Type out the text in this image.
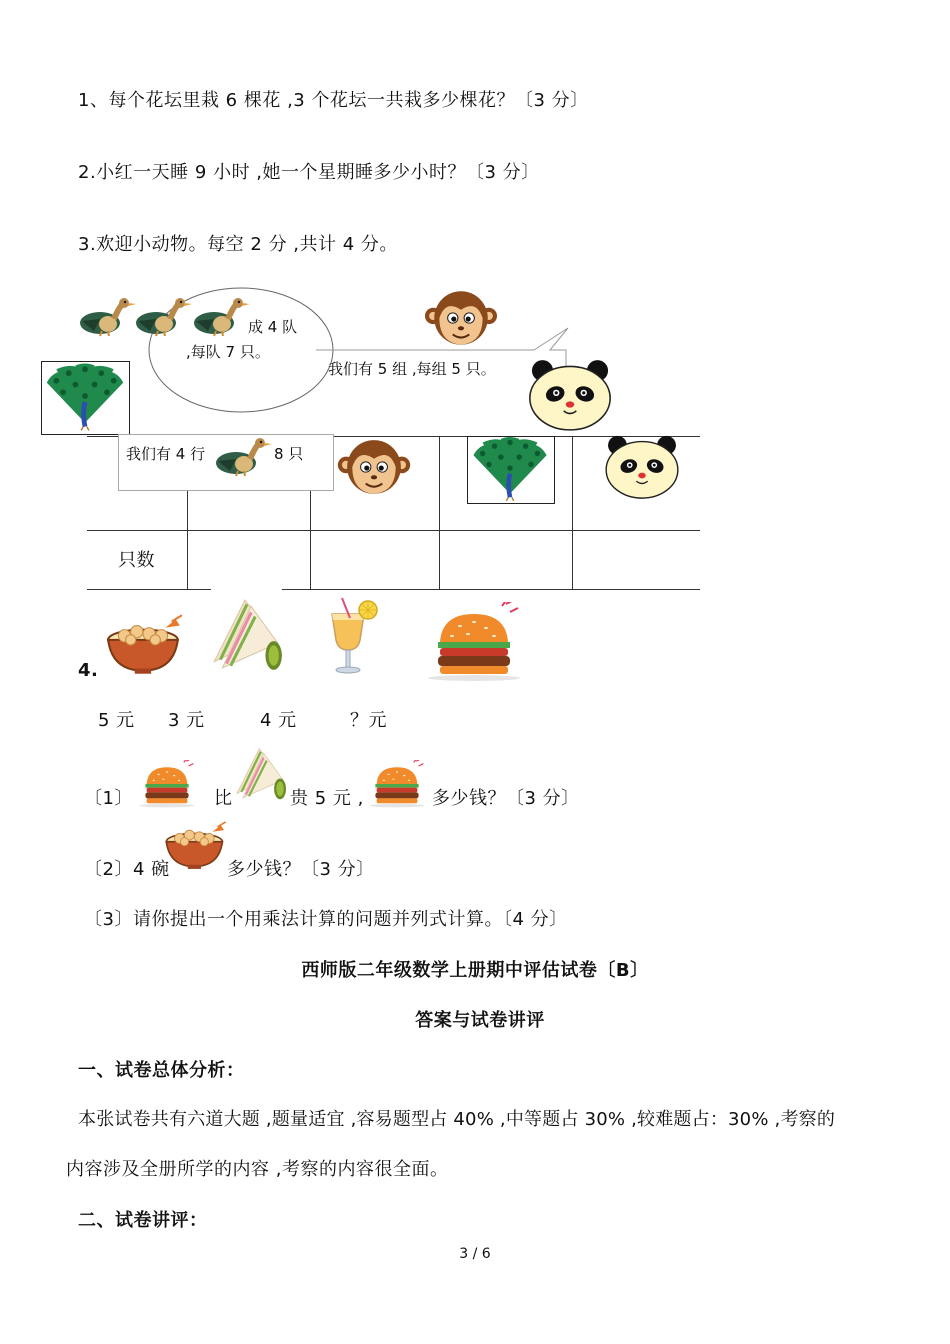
1、每个花坛里栽 6 棵花 ,3 个花坛一共栽多少棵花？〔3 分〕
2.小红一天睡 9 小时 ,她一个星期睡多少小时？〔3 分〕
3.欢迎小动物。每空 2 分 ,共计 4 分。
成 4 队
,每队 7 只。
我们有 5 组 ,每组 5 只。
我们有 4 行	8 只
只数
4.
5 元 3 元	4 元	？元
〔1〕	比	贵 5 元 ,	多少钱？〔3 分〕
〔2〕4 碗	多少钱？〔3 分〕
〔3〕请你提出一个用乘法计算的问题并列式计算。〔4 分〕
西师版二年级数学上册期中评估试卷〔B〕
答案与试卷讲评
一、试卷总体分析：
本张试卷共有六道大题 ,题量适宜 ,容易题型占 40% ,中等题占 30% ,较难题占：30% ,考察的
内容涉及全册所学的内容 ,考察的内容很全面。
二、试卷讲评：
3 / 6
